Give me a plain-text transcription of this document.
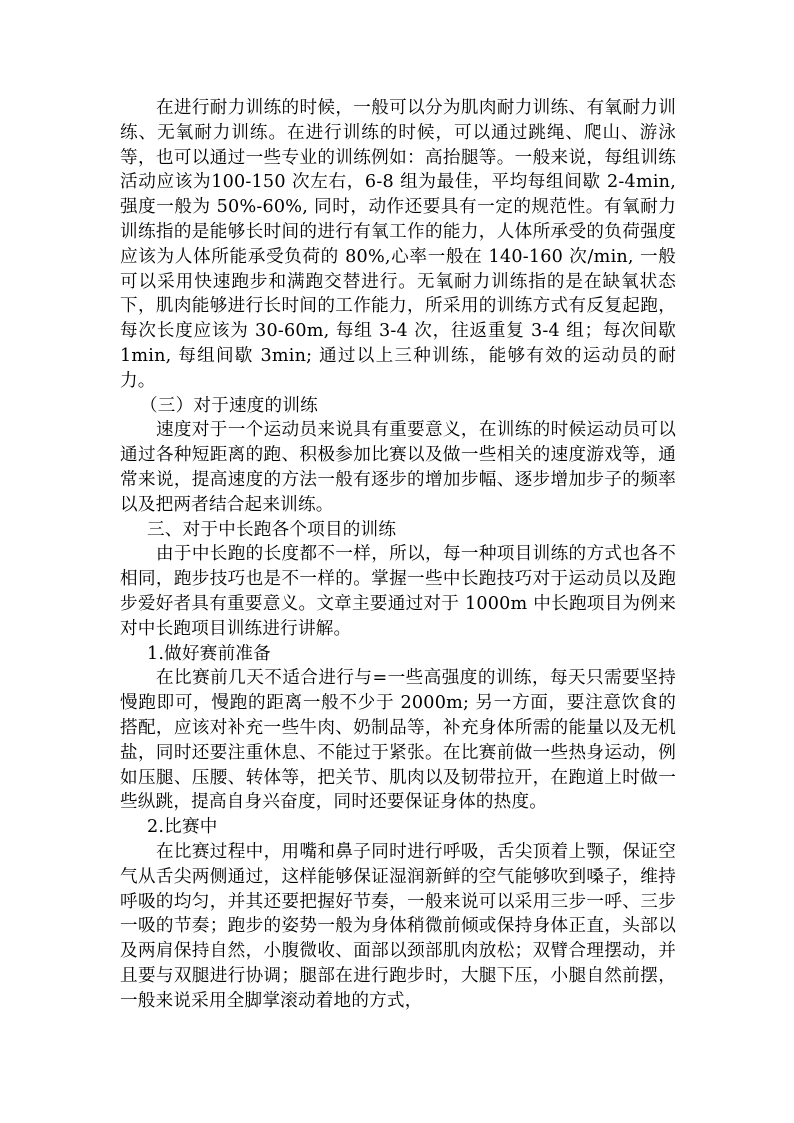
在进行耐力训练的时候，一般可以分为肌肉耐力训练、有氧耐力训练、无氧耐力训练。在进行训练的时候，可以通过跳绳、爬山、游泳等，也可以通过一些专业的训练例如：高抬腿等。一般来说，每组训练活动应该为100-150 次左右，6-8 组为最佳，平均每组间歇 2-4min, 强度一般为 50%-60%, 同时，动作还要具有一定的规范性。有氧耐力训练指的是能够长时间的进行有氧工作的能力，人体所承受的负荷强度应该为人体所能承受负荷的 80%,心率一般在 140-160 次/min, 一般可以采用快速跑步和满跑交替进行。无氧耐力训练指的是在缺氧状态下，肌肉能够进行长时间的工作能力，所采用的训练方式有反复起跑，每次长度应该为 30-60m, 每组 3-4 次，往返重复 3-4 组；每次间歇 1min, 每组间歇 3min; 通过以上三种训练，能够有效的运动员的耐力。

（三）对于速度的训练

速度对于一个运动员来说具有重要意义，在训练的时候运动员可以通过各种短距离的跑、积极参加比赛以及做一些相关的速度游戏等，通常来说，提高速度的方法一般有逐步的增加步幅、逐步增加步子的频率以及把两者结合起来训练。

三、对于中长跑各个项目的训练

由于中长跑的长度都不一样，所以，每一种项目训练的方式也各不相同，跑步技巧也是不一样的。掌握一些中长跑技巧对于运动员以及跑步爱好者具有重要意义。文章主要通过对于 1000m 中长跑项目为例来对中长跑项目训练进行讲解。

1.做好赛前准备

在比赛前几天不适合进行与=一些高强度的训练，每天只需要坚持慢跑即可，慢跑的距离一般不少于 2000m; 另一方面，要注意饮食的搭配，应该对补充一些牛肉、奶制品等，补充身体所需的能量以及无机盐，同时还要注重休息、不能过于紧张。在比赛前做一些热身运动，例如压腿、压腰、转体等，把关节、肌肉以及韧带拉开，在跑道上时做一些纵跳，提高自身兴奋度，同时还要保证身体的热度。

2.比赛中

在比赛过程中，用嘴和鼻子同时进行呼吸，舌尖顶着上颚，保证空气从舌尖两侧通过，这样能够保证湿润新鲜的空气能够吹到嗓子，维持呼吸的均匀，并其还要把握好节奏，一般来说可以采用三步一呼、三步一吸的节奏；跑步的姿势一般为身体稍微前倾或保持身体正直，头部以及两肩保持自然，小腹微收、面部以颈部肌肉放松；双臂合理摆动，并且要与双腿进行协调；腿部在进行跑步时，大腿下压，小腿自然前摆，一般来说采用全脚掌滚动着地的方式，
